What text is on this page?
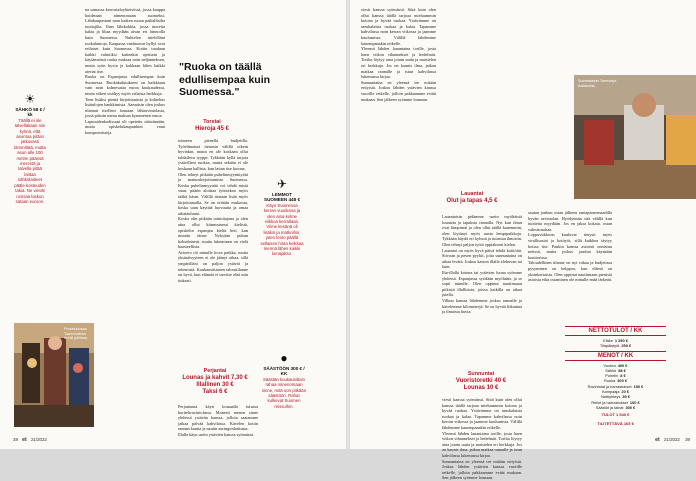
☀
SÄHKÖ 58 € / kk
Täällä ei ole talvellakaan niin kylmä, että asuntoa pitäisi jatkuvasti lämmittää, mutta asun alle 100 metrin päässä merestä ja talvella pitää laittaa sähkölaitteet pääle kosteuden takia. Ne vievät rosisaa laskun sataan euroon.
Prosessiossa Torremolinon kevät juhlissa.
na samassa kerrostaloyhteisössä, jossa kauppa hoidetaan nimenomaan suomeksi. Lähikaupastani saan kaiken ruoan paikallisilta tuottajilta. Ihan lähikokkia, jossa tuoretta kalaa ja lihaa myydään aivan eri hinnoilla kuin Suomessa. Nuhtelen mielelläni ruokahintoja. Kaupassa vaahtoavat hyllyt ovat erilaiset kuin Suomessa. Kotiin tuodaan kaikki valmiiksi kuitenkin ajoittain ja käytännössä ruoka maksaa noin neljänneksen, mutta syön hyvin ja kokkaan lähes kaikki ateriat itse.
Ruoka on Espanjassa edullisempaa kuin Suomessa. Ruokakulutukseni on kaikkiaan vain noin kolmesataa euroa kuukaudessa, mutta siihen sisältyy myös erilaisia herkkuja.
Teen lisäksi pientä kirjoittamista ja kohtelias lisätulojen hankkimista. Aamuisin olen joskus tilannut itselleni lounaan lähiravintolasta, jossa päivän menu maksaa kymmenen euroa.
Lapsuudenkodissani oli opetettu säästämään, mutta opiskelukaupunkini vaati kompromisseja.
"Ruoka on täällä edullisempaa kuin Suomessa."
Torstai
Hieroja 45 €
toimeen pienellä budjetilla. Työelämässä tienasin välillä oikein hyvinkin, mutta en ole koskaan ollut tuhlaileva tyyppi. Tykkään kyllä tarjota ystävilleni ruokaa, mutta sekään ei ole koskaan kallista, kun laitan itse kotona.
Olen tehnyt pitkään puhelinmyyntityötä ja mainoskirjoittamista Suomessa. Koska puhelinmyyntiä voi tehdä mistä vaan, päätin aloittaa työntekoa myös täältä käsin. Välillä tienaan lisää myös kirjoittamalla. Se on erittäin mukavaa, koska saan käyttää luovuutta ja omaa aikatauluani.
Koska olin pitkään toimittajana ja olen aina ollut kiinnostunut kielistä, opiskelin espanjan kieltä heti, kun muutin tänne. Nykyään puhun kohtalaisesti, mutta lukeminen on vielä haasteellista.
Avioero oli minulle kova paikka, mutta yksinäisyyteen ei ole jäänyt aikaa, sillä ympärilläni on paljon ystäviä ja tekemistä. Kuukausittainen taloustilanne on hyvä, kun elämää ei tarvitse elää niin tiukasti.
Perjantai
Lounas ja kahvit 7,30 €
Illallinen 30 €
Taksi 6 €
Perjantaina käyn lounaalla tutussa kortteliravintolassa. Monesti menen sinne yhdessä ystävän kanssa, jolloin saatamme jatkaa päivää kahvilassa. Kävelen kotiin rannan kautta ja nautin auringonlaskusta.
Illalla käyn usein ystävien kanssa syömässä.
✈
LEMMOT SUOMEEN 448 €
Käyn Suomessa kerran vuodessa ja olen aina kolme viikkoa kerrallaan. Viime kesänä oli lisäksi ja matkoihin, joten lento päällä sellaisen hinta keikkaa mennä lähes kaikki lomajakso.
●
SÄÄSTÖÖN 300 € / KK
Säästän kuukausittain rahaa nimenomaan sinne, mitä oon pitkään säästöön. Rahat kulkevat Suomen reissuihin.
38 et 21/2022
viesti kanssa syömässä. Siitä kuin olen ollut kanssa täällä tarjoaa mieluummin kotona ja hyvää ruokaa. Ystävämme on ranskalaista ruokaa ja kalaa. Tapamme kahvilassa noin kerran viikossa ja jaamme kuulumisia. Välillä lähdemme kauempanakin retkelle.
Yleensä lähden lauantaina torille, josta haen viikon vihannekset ja hedelmät. Torilta löytyy aina jotain uutta ja maistelen eri herkkuja. Jos on kaunis ilma, jatkan matkaa rannalle ja istun kahvilassa lukemassa kirjaa.
Sunnuntaina en yleensä tee mitään erityistä. Joskus lähden ystävien kanssa vuorille retkelle, jolloin pakkaamme eväät mukaan. Sen jälkeen syömme lounaan.
Lauantai
Olut ja tapas 4,5 €
Lauantaisin pidämme usein myöhäisiä lounaita ja tapaksia rannalla. Nyt kun ilmat ovat lämpimät ja olen ollut täällä kauemmin, olen löytänyt myös uusia lempipaikkoja. Tykkään käydä eri kylissä ja tutustua ihmisiin. Olen tehnyt paljon työtä oppiakseni kielen.
Lauantai on myös hyvä päivä tehdä kotitöitä. Siivoan ja pesen pyykit, jotta sunnuntaina on aikaa levätä. Joskus katson illalla elokuvan tai luen.
Ilta-illalla kotona tai ystävien luona syömme yhdessä. Espanjassa syödään myöhään, ja se sopii minulle. Olen oppinut nauttimaan pitkistä illallisista, joissa kaikilla on aikaa jutella.
Vilkun kanssa lähdemme joskus rannalle ja kävelemme kilometrejä. Se on hyvää liikuntaa ja ilmaista huvia.
Sunnuntai
Vuoristoretki 40 €
Lounas 10 €
viesti kanssa syömässä. Siitä kuin olen ollut kanssa täällä tarjoaa mieluummin kotona ja hyvää ruokaa. Ystävämme on ranskalaista ruokaa ja kalaa. Tapamme kahvilassa noin kerran viikossa ja jaamme kuulumisia. Välillä lähdemme kauempanakin retkelle.
Yleensä lähden lauantaina torille, josta haen viikon vihannekset ja hedelmät. Torilta löytyy aina jotain uutta ja maistelen eri herkkuja. Jos on kaunis ilma, jatkan matkaa rannalle ja istun kahvilassa lukemassa kirjaa.
Sunnuntaina en yleensä tee mitään erityistä. Joskus lähden ystävien kanssa vuorille retkelle, jolloin pakkaamme eväät mukaan. Sen jälkeen syömme lounaan.
Suomalaiset Torrevieja Kalatorilla.
sautan jonkun ostan jälkeen rantapromenaadilla hyvän ravintolan. Hyödynnän sitä välillä kun tuotteita myydään. Jos en jaksa kokata, ostan valmisruokaa.
Loppuviikkoon kuuluvat tietysti myös virallisasiat ja kotityöt, sillä kaikkea täytyy hoitaa itse. Pankin kanssa asiointi onnistuu netissä, mutta joskus joudun käymään konttorissa.
Taloudellinen tilanne on nyt vakaa ja budjetissa pysyminen on helppoa, kun elämä on yksinkertaista. Olen oppinut nauttimaan pienistä asioista eikä ostaminen ole minulle enää tärkeää.
et 21/2022 39
NETTOTULOT / KK
Eläke 1 290 €
Tilapäistyöt 250 €
MENOT / KK
Vuokra 400 €
Sähkö 58 €
Puhelin 8 €
Ruoka 300 €
Ravintolat ja harrastukset 150 €
Kampaaja 20 €
Nettiyhteys 39 €
Reilut ja harrastukset 100 €
Säästöt ja lainat 300 €
TULOT 1 540 €
TILITETTÄVÄ 165 €
